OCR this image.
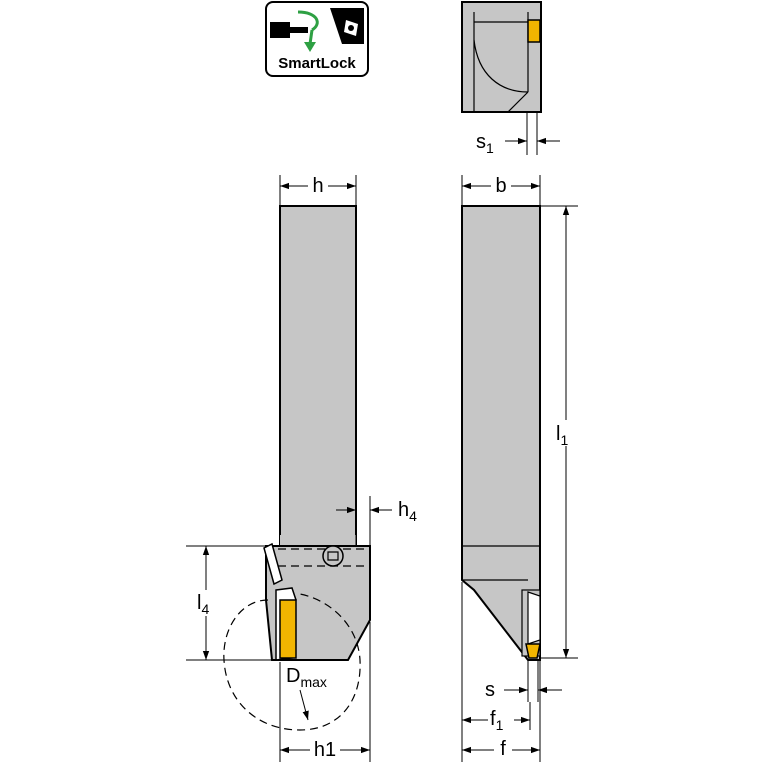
SmartLock
$s_1$
h
$D_{max}$
$h_4$
$l_4$
h1
b
$l_1$
s
$f_1$
f
